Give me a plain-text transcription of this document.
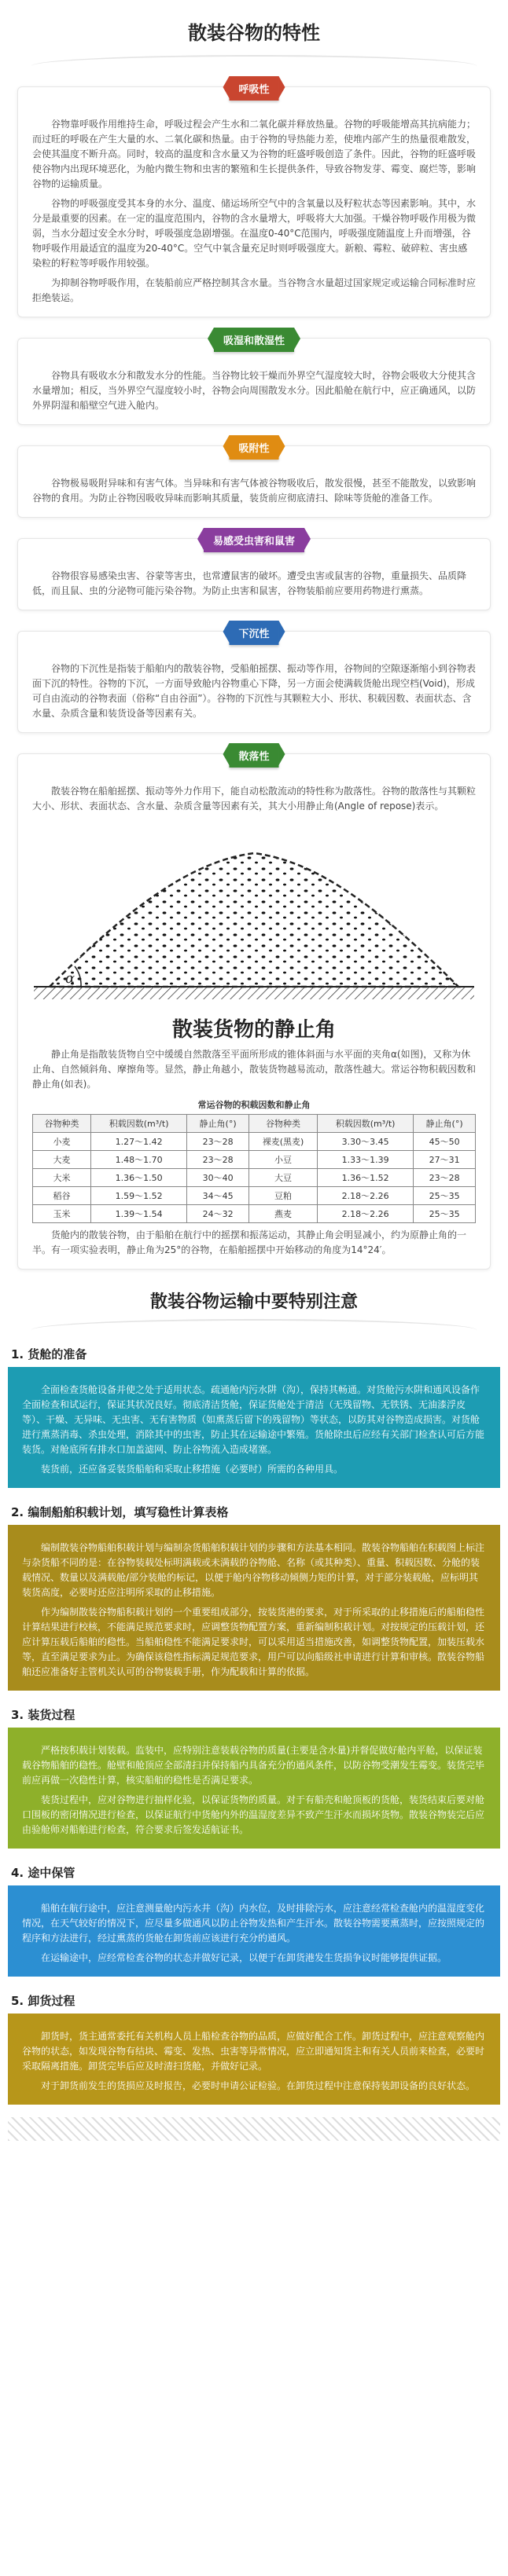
散装谷物的特性
呼吸性

谷物靠呼吸作用维持生命，呼吸过程会产生水和二氧化碳并释放热量。谷物的呼吸能增高其抗病能力；而过旺的呼吸在产生大量的水、二氧化碳和热量。由于谷物的导热能力差，使堆内部产生的热量很难散发，会使其温度不断升高。同时，较高的温度和含水量又为谷物的旺盛呼吸创造了条件。因此，谷物的旺盛呼吸使谷物内出现环境恶化，为舱内微生物和虫害的繁殖和生长提供条件，导致谷物发芽、霉变、腐烂等，影响谷物的运输质量。

谷物的呼吸强度受其本身的水分、温度、储运场所空气中的含氧量以及籽粒状态等因素影响。其中，水分是最重要的因素。在一定的温度范围内，谷物的含水量增大，呼吸将大大加强。干燥谷物呼吸作用极为微弱，当水分超过安全水分时，呼吸强度急剧增强。在温度0-40°C范围内，呼吸强度随温度上升而增强，谷物呼吸作用最适宜的温度为20-40°C。空气中氧含量充足时则呼吸强度大。新粮、霉粒、破碎粒、害虫感染粒的籽粒等呼吸作用较强。

为抑制谷物呼吸作用，在装船前应严格控制其含水量。当谷物含水量超过国家规定或运输合同标准时应拒绝装运。

吸湿和散湿性

谷物具有吸收水分和散发水分的性能。当谷物比较干燥而外界空气湿度较大时，谷物会吸收大分使其含水量增加；相反，当外界空气湿度较小时，谷物会向周围散发水分。因此船舱在航行中，应正确通风，以防外界阴湿和船壁空气进入舱内。

吸附性

谷物极易吸附异味和有害气体。当异味和有害气体被谷物吸收后，散发很慢，甚至不能散发，以致影响谷物的食用。为防止谷物因吸收异味而影响其质量，装货前应彻底清扫、除味等货舱的准备工作。

易感受虫害和鼠害

谷物很容易感染虫害、谷蒙等害虫，也常遭鼠害的破坏。遭受虫害或鼠害的谷物，重量损失、品质降低，而且鼠、虫的分泌物可能污染谷物。为防止虫害和鼠害，谷物装船前应要用药物进行熏蒸。

下沉性

谷物的下沉性是指装于船舶内的散装谷物，受船舶摇摆、振动等作用，谷物间的空隙逐渐缩小到谷物表面下沉的特性。谷物的下沉，一方面导致舱内谷物重心下降，另一方面会使满载货舱出现空档(Void)，形成可自由流动的谷物表面（俗称“自由谷面”）。谷物的下沉性与其颗粒大小、形状、积载因数、表面状态、含水量、杂质含量和装货设备等因素有关。

散落性

散装谷物在船舶摇摆、振动等外力作用下，能自动松散流动的特性称为散落性。谷物的散落性与其颗粒大小、形状、表面状态、含水量、杂质含量等因素有关，其大小用静止角(Angle of repose)表示。

α
散装货物的静止角

静止角是指散装货物自空中缓缓自然散落至平面所形成的锥体斜面与水平面的夹角α(如图)，又称为休止角、自然倾斜角、摩擦角等。显然，静止角越小，散装货物越易流动，散落性越大。常运谷物积载因数和静止角(如表)。

常运谷物的积载因数和静止角
谷物种类	积载因数(m³/t)	静止角(°)	谷物种类	积载因数(m³/t)	静止角(°)
小麦	1.27～1.42	23～28	裸麦(黑麦)	3.30～3.45	45～50
大麦	1.48～1.70	23～28	小豆	1.33～1.39	27～31
大米	1.36～1.50	30～40	大豆	1.36～1.52	23～28
稻谷	1.59～1.52	34～45	豆粕	2.18～2.26	25～35
玉米	1.39～1.54	24～32	燕麦	2.18～2.26	25～35

货舱内的散装谷物，由于船舶在航行中的摇摆和振荡运动，其静止角会明显减小，约为原静止角的一半。有一项实验表明，静止角为25°的谷物，在船舶摇摆中开始移动的角度为14°24′。

散装谷物运输中要特别注意
1. 货舱的准备

全面检查货舱设备并使之处于适用状态。疏通舱内污水阱（沟），保持其畅通。对货舱污水阱和通风设备作全面检查和试运行，保证其状况良好。彻底清洁货舱，保证货舱处于清洁（无残留物、无铁锈、无油漆浮皮等）、干燥、无异味、无虫害、无有害物质（如熏蒸后留下的残留物）等状态，以防其对谷物造成损害。对货舱进行熏蒸消毒、杀虫处理，消除其中的虫害，防止其在运输途中繁殖。货舱除虫后应经有关部门检查认可后方能装货。对舱底所有排水口加盖滤网、防止谷物流入造成堵塞。

装货前，还应备妥装货船舶和采取止移措施（必要时）所需的各种用具。

2. 编制船舶积载计划，填写稳性计算表格

编制散装谷物船舶积载计划与编制杂货船舶积载计划的步骤和方法基本相同。散装谷物船舶在积载图上标注与杂货船不同的是：在谷物装载处标明满载或未满载的谷物舱、名称（或其种类）、重量、积载因数、分舱的装载情况、数量以及满载舱/部分装舱的标记，以便于舱内谷物移动倾侧力矩的计算，对于部分装载舱，应标明其装货高度，必要时还应注明所采取的止移措施。

作为编制散装谷物船积载计划的一个重要组成部分，按装货港的要求，对于所采取的止移措施后的船舶稳性计算结果进行校核，不能满足规范要求时，应调整货物配置方案，重新编制积载计划。对按规定的压载计划，还应计算压载后船舶的稳性。当船舶稳性不能满足要求时，可以采用适当措施改善，如调整货物配置，加装压载水等，直至满足要求为止。为确保该稳性指标满足规范要求，用户可以向船级社申请进行计算和审核。散装谷物船舶还应准备好主管机关认可的谷物装载手册，作为配载和计算的依据。

3. 装货过程

严格按积载计划装载。监装中，应特别注意装载谷物的质量(主要是含水量)并督促做好舱内平舱，以保证装载谷物船舶的稳性。舱壁和舱顶应全部清扫并保持船内具备充分的通风条件，以防谷物受潮发生霉变。装货完毕前应再做一次稳性计算，核实船舶的稳性是否满足要求。

装货过程中，应对谷物进行抽样化验，以保证货物的质量。对于有船壳和舱顶板的货舱，装货结束后要对舱口围板的密闭情况进行检查，以保证航行中货舱内外的温湿度差异不致产生汗水而损坏货物。散装谷物装完后应由验舱师对船舶进行检查，符合要求后签发适航证书。

4. 途中保管

船舶在航行途中，应注意测量舱内污水井（沟）内水位，及时排除污水，应注意经常检查舱内的温湿度变化情况，在天气较好的情况下，应尽量多做通风以防止谷物发热和产生汗水。散装谷物需要熏蒸时，应按照规定的程序和方法进行，经过熏蒸的货舱在卸货前应该进行充分的通风。

在运输途中，应经常检查谷物的状态并做好记录，以便于在卸货港发生货损争议时能够提供证据。

5. 卸货过程

卸货时，货主通常委托有关机构人员上船检查谷物的品质，应做好配合工作。卸货过程中，应注意观察舱内谷物的状态，如发现谷物有结块、霉变、发热、虫害等异常情况，应立即通知货主和有关人员前来检查，必要时采取隔离措施。卸货完毕后应及时清扫货舱，并做好记录。

对于卸货前发生的货损应及时报告，必要时申请公证检验。在卸货过程中注意保持装卸设备的良好状态。
